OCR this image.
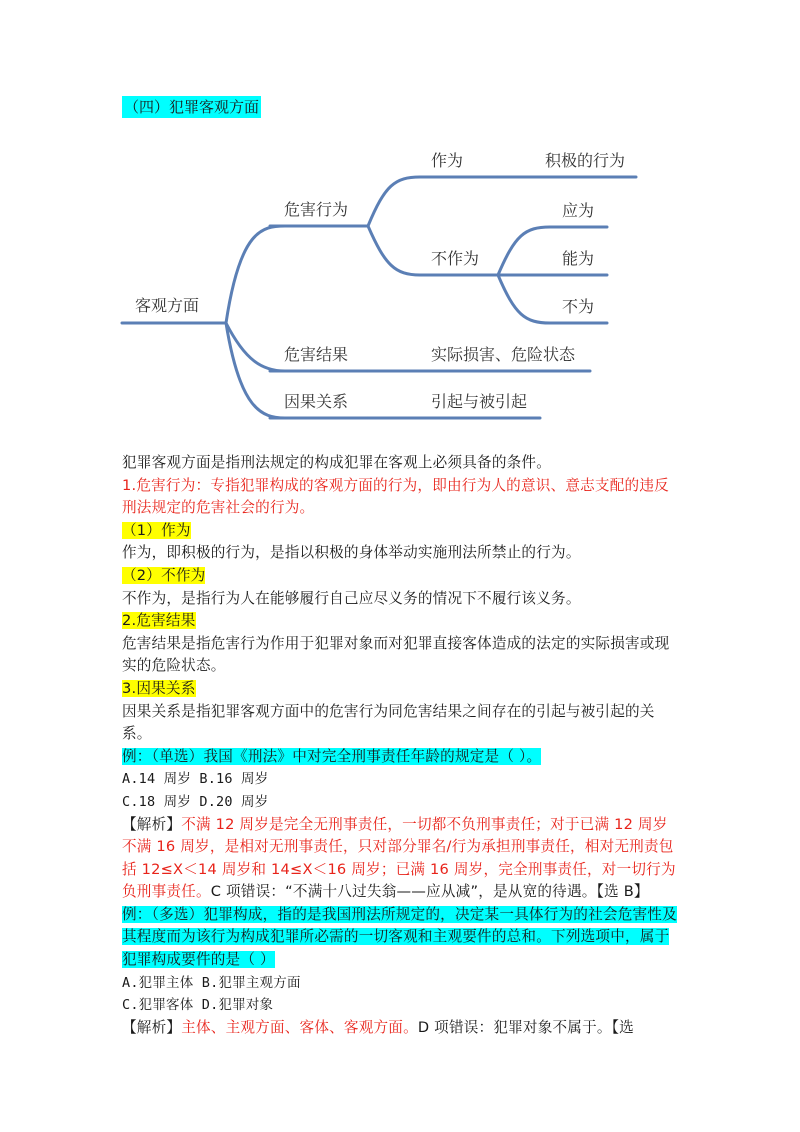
（四）犯罪客观方面
客观方面
危害行为
作为	积极的行为
不作为
应为
能为
不为
危害结果	实际损害、危险状态
因果关系	引起与被引起

犯罪客观方面是指刑法规定的构成犯罪在客观上必须具备的条件。

1.危害行为：专指犯罪构成的客观方面的行为，即由行为人的意识、意志支配的违反刑法规定的危害社会的行为。

（1）作为

作为，即积极的行为，是指以积极的身体举动实施刑法所禁止的行为。

（2）不作为

不作为，是指行为人在能够履行自己应尽义务的情况下不履行该义务。

2.危害结果

危害结果是指危害行为作用于犯罪对象而对犯罪直接客体造成的法定的实际损害或现实的危险状态。

3.因果关系

因果关系是指犯罪客观方面中的危害行为同危害结果之间存在的引起与被引起的关系。

例：（单选）我国《刑法》中对完全刑事责任年龄的规定是（ ）。

A.14 周岁 B.16 周岁

C.18 周岁 D.20 周岁

【解析】不满 12 周岁是完全无刑事责任，一切都不负刑事责任；对于已满 12 周岁不满 16 周岁，是相对无刑事责任，只对部分罪名/行为承担刑事责任，相对无刑责包括 12≤X＜14 周岁和 14≤X＜16 周岁；已满 16 周岁，完全刑事责任，对一切行为负刑事责任。C 项错误：“不满十八过失翁——应从减”，是从宽的待遇。【选 B】

例：（多选）犯罪构成，指的是我国刑法所规定的，决定某一具体行为的社会危害性及其程度而为该行为构成犯罪所必需的一切客观和主观要件的总和。下列选项中，属于犯罪构成要件的是（ ）

A.犯罪主体 B.犯罪主观方面

C.犯罪客体 D.犯罪对象

【解析】主体、主观方面、客体、客观方面。D 项错误：犯罪对象不属于。【选
